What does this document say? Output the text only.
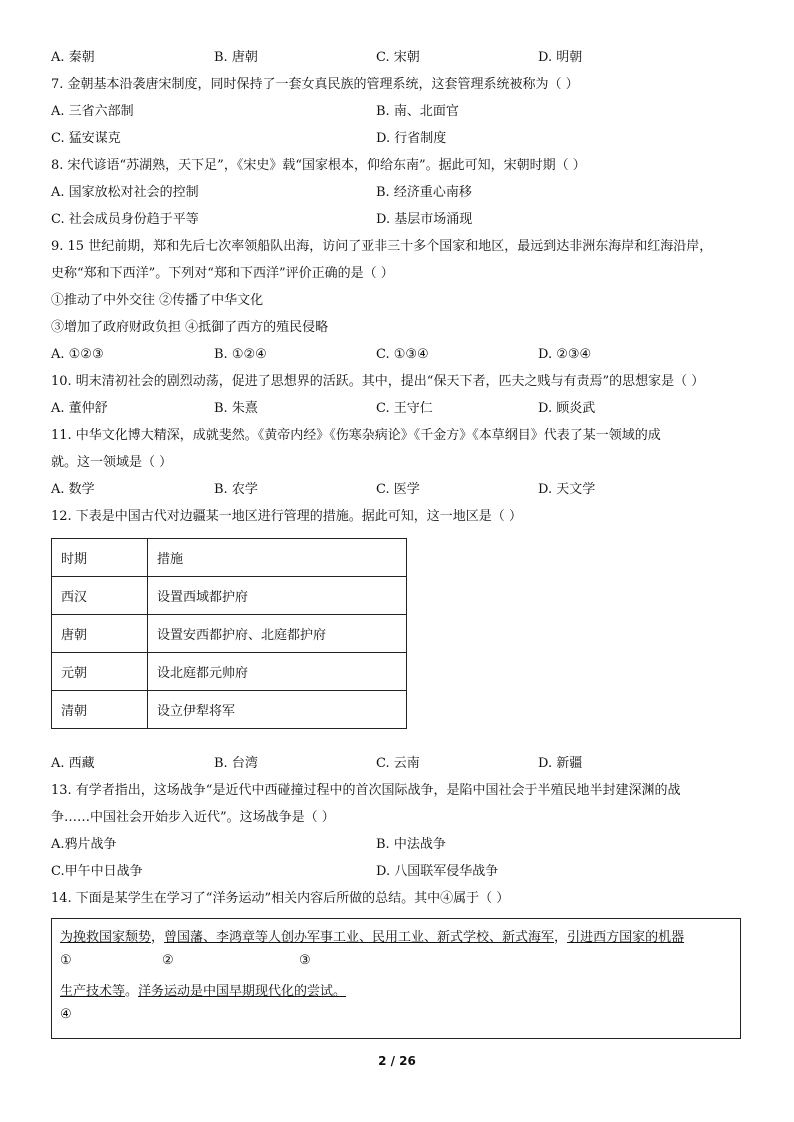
A. 秦朝	B. 唐朝	C. 宋朝	D. 明朝
7. 金朝基本沿袭唐宋制度，同时保持了一套女真民族的管理系统，这套管理系统被称为（ ）
A. 三省六部制	B. 南、北面官
C. 猛安谋克	D. 行省制度
8. 宋代谚语“苏湖熟，天下足”，《宋史》载“国家根本，仰给东南”。据此可知，宋朝时期（ ）
A. 国家放松对社会的控制	B. 经济重心南移
C. 社会成员身份趋于平等	D. 基层市场涌现
9. 15 世纪前期，郑和先后七次率领船队出海，访问了亚非三十多个国家和地区，最远到达非洲东海岸和红海沿岸，
史称“郑和下西洋”。下列对“郑和下西洋”评价正确的是（ ）
①推动了中外交往 ②传播了中华文化
③增加了政府财政负担 ④抵御了西方的殖民侵略
A. ①②③	B. ①②④	C. ①③④	D. ②③④
10. 明末清初社会的剧烈动荡，促进了思想界的活跃。其中，提出“保天下者，匹夫之贱与有责焉”的思想家是（ ）
A. 董仲舒	B. 朱熹	C. 王守仁	D. 顾炎武
11. 中华文化博大精深，成就斐然。《黄帝内经》《伤寒杂病论》《千金方》《本草纲目》代表了某一领域的成
就。这一领域是（ ）
A. 数学	B. 农学	C. 医学	D. 天文学
12. 下表是中国古代对边疆某一地区进行管理的措施。据此可知，这一地区是（ ）
时期	措施
西汉	设置西域都护府
唐朝	设置安西都护府、北庭都护府
元朝	设北庭都元帅府
清朝	设立伊犁将军
A. 西藏	B. 台湾	C. 云南	D. 新疆
13. 有学者指出，这场战争“是近代中西碰撞过程中的首次国际战争，是陷中国社会于半殖民地半封建深渊的战
争……中国社会开始步入近代”。这场战争是（ ）
A.鸦片战争	B. 中法战争
C.甲午中日战争	D. 八国联军侵华战争
14. 下面是某学生在学习了“洋务运动”相关内容后所做的总结。其中④属于（ ）
为挽救国家颓势，曾国藩、李鸿章等人创办军事工业、民用工业、新式学校、新式海军，引进西方国家的机器
①	②	③
生产技术等。洋务运动是中国早期现代化的尝试。
④
2 / 26
